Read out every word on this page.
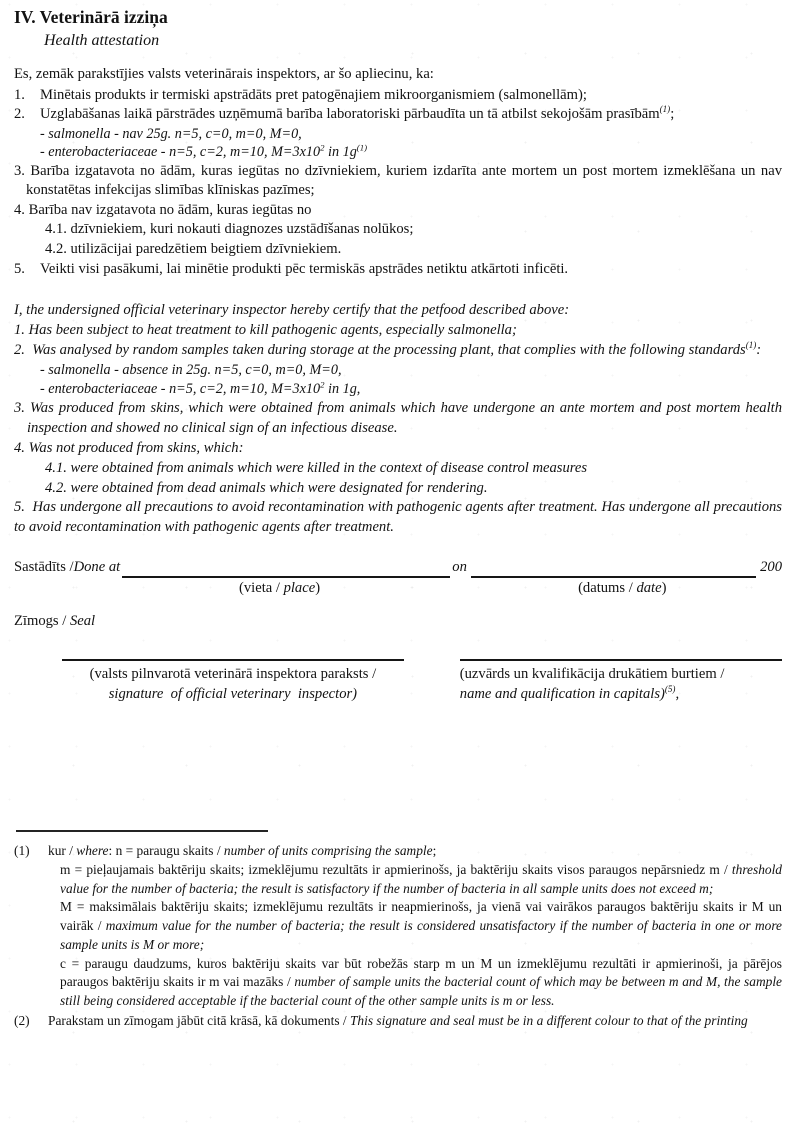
IV. Veterinārā izziņa
Health attestation

Es, zemāk parakstījies valsts veterinārais inspektors, ar šo apliecinu, ka:

1.	Minētais produkts ir termiski apstrādāts pret patogēnajiem mikroorganismiem (salmonellām);
2.	Uzglabāšanas laikā pārstrādes uzņēmumā barība laboratoriski pārbaudīta un tā atbilst sekojošām prasībām$^{(1)}$;

- salmonella - nav 25g. n=5, c=0, m=0, M=0,

- enterobacteriaceae - n=5, c=2, m=10, $M=3x10^2$ in $1g^{(1)}$

3. Barība izgatavota no ādām, kuras iegūtas no dzīvniekiem, kuriem izdarīta ante mortem un post mortem izmeklēšana un nav konstatētas infekcijas slimības klīniskas pazīmes;

4. Barība nav izgatavota no ādām, kuras iegūtas no

4.1. dzīvniekiem, kuri nokauti diagnozes uzstādīšanas nolūkos;

4.2. utilizācijai paredzētiem beigtiem dzīvniekiem.

5.	Veikti visi pasākumi, lai minētie produkti pēc termiskās apstrādes netiktu atkārtoti inficēti.

I, the undersigned official veterinary inspector hereby certify that the petfood described above:

1. Has been subject to heat treatment to kill pathogenic agents, especially salmonella;

2.  Was analysed by random samples taken during storage at the processing plant, that complies with the following standards$^{(1)}$:

- salmonella - absence in 25g. n=5, c=0, m=0, M=0,

- enterobacteriaceae - n=5, c=2, m=10, $M=3x10^2$ in 1g,

3. Was produced from skins, which were obtained from animals which have undergone an ante mortem and post mortem health inspection and showed no clinical sign of an infectious disease.

4. Was not produced from skins, which:

4.1. were obtained from animals which were killed in the context of disease control measures

4.2. were obtained from dead animals which were designated for rendering.

5.  Has undergone all precautions to avoid recontamination with pathogenic agents after treatment. Has undergone all precautions to avoid recontamination with pathogenic agents after treatment.

Sastādīts /Done at	on	200
(vieta / place)	(datums / date)

Zīmogs / Seal

(valsts pilnvarotā veterinārā inspektora paraksts /
signature  of official veterinary  inspector)
(uzvārds un kvalifikācija drukātiem burtiem /
name and qualification in capitals)$^{(5)}$,
(1)	kur / where: n = paraugu skaits / number of units comprising the sample;

m = pieļaujamais baktēriju skaits; izmeklējumu rezultāts ir apmierinošs, ja baktēriju skaits visos paraugos nepārsniedz m / threshold value for the number of bacteria; the result is satisfactory if the number of bacteria in all sample units does not exceed m;

M = maksimālais baktēriju skaits; izmeklējumu rezultāts ir neapmierinošs, ja vienā vai vairākos paraugos baktēriju skaits ir M un vairāk / maximum value for the number of bacteria; the result is considered unsatisfactory if the number of bacteria in one or more sample units is M or more;

c = paraugu daudzums, kuros baktēriju skaits var būt robežās starp m un M un izmeklējumu rezultāti ir apmierinoši, ja pārējos paraugos baktēriju skaits ir m vai mazāks / number of sample units the bacterial count of which may be between m and M, the sample still being considered acceptable if the bacterial count of the other sample units is m or less.

(2)	Parakstam un zīmogam jābūt citā krāsā, kā dokuments / This signature and seal must be in a different colour to that of the printing
